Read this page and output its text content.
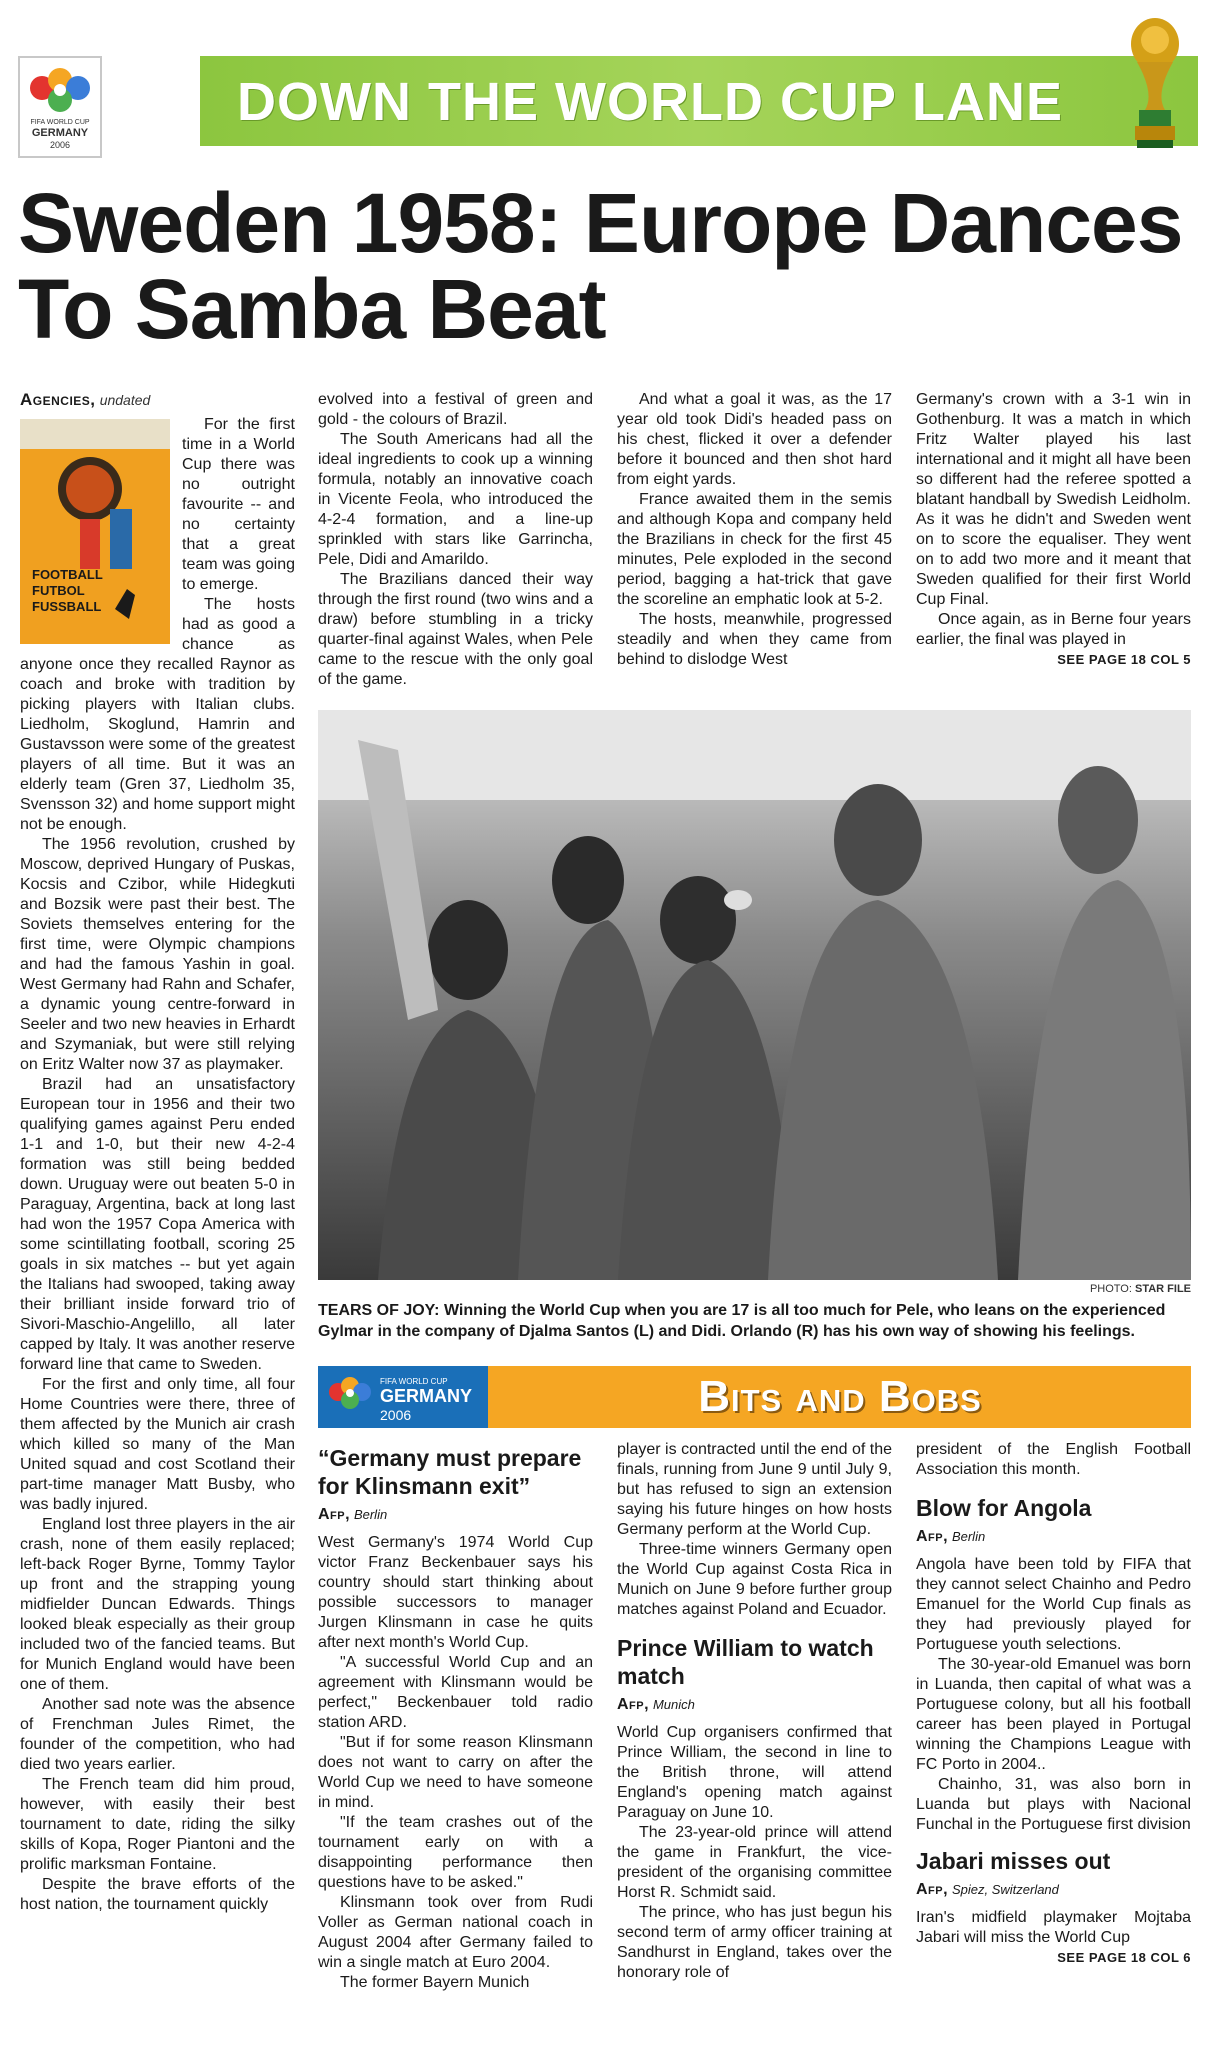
FIFA WORLD CUP
GERMANY
2006
DOWN THE WORLD CUP LANE
Sweden 1958: Europe Dances To Samba Beat
Agencies, undated
FOOTBALL
FUTBOL
FUSSBALL

For the first time in a World Cup there was no outright favourite -- and no certainty that a great team was going to emerge.

The hosts had as good a chance as anyone once they recalled Raynor as coach and broke with tradition by picking players with Italian clubs. Liedholm, Skoglund, Hamrin and Gustavsson were some of the greatest players of all time. But it was an elderly team (Gren 37, Liedholm 35, Svensson 32) and home support might not be enough.

The 1956 revolution, crushed by Moscow, deprived Hungary of Puskas, Kocsis and Czibor, while Hidegkuti and Bozsik were past their best. The Soviets themselves entering for the first time, were Olympic champions and had the famous Yashin in goal. West Germany had Rahn and Schafer, a dynamic young centre-forward in Seeler and two new heavies in Erhardt and Szymaniak, but were still relying on Eritz Walter now 37 as playmaker.

Brazil had an unsatisfactory European tour in 1956 and their two qualifying games against Peru ended 1-1 and 1-0, but their new 4-2-4 formation was still being bedded down. Uruguay were out beaten 5-0 in Paraguay, Argentina, back at long last had won the 1957 Copa America with some scintillating football, scoring 25 goals in six matches -- but yet again the Italians had swooped, taking away their brilliant inside forward trio of Sivori-Maschio-Angelillo, all later capped by Italy. It was another reserve forward line that came to Sweden.

For the first and only time, all four Home Countries were there, three of them affected by the Munich air crash which killed so many of the Man United squad and cost Scotland their part-time manager Matt Busby, who was badly injured.

England lost three players in the air crash, none of them easily replaced; left-back Roger Byrne, Tommy Taylor up front and the strapping young midfielder Duncan Edwards. Things looked bleak especially as their group included two of the fancied teams. But for Munich England would have been one of them.

Another sad note was the absence of Frenchman Jules Rimet, the founder of the competition, who had died two years earlier.

The French team did him proud, however, with easily their best tournament to date, riding the silky skills of Kopa, Roger Piantoni and the prolific marksman Fontaine.

Despite the brave efforts of the host nation, the tournament quickly

evolved into a festival of green and gold - the colours of Brazil.

The South Americans had all the ideal ingredients to cook up a winning formula, notably an innovative coach in Vicente Feola, who introduced the 4-2-4 formation, and a line-up sprinkled with stars like Garrincha, Pele, Didi and Amarildo.

The Brazilians danced their way through the first round (two wins and a draw) before stumbling in a tricky quarter-final against Wales, when Pele came to the rescue with the only goal of the game.

And what a goal it was, as the 17 year old took Didi's headed pass on his chest, flicked it over a defender before it bounced and then shot hard from eight yards.

France awaited them in the semis and although Kopa and company held the Brazilians in check for the first 45 minutes, Pele exploded in the second period, bagging a hat-trick that gave the scoreline an emphatic look at 5-2.

The hosts, meanwhile, progressed steadily and when they came from behind to dislodge West

Germany's crown with a 3-1 win in Gothenburg. It was a match in which Fritz Walter played his last international and it might all have been so different had the referee spotted a blatant handball by Swedish Leidholm. As it was he didn't and Sweden went on to score the equaliser. They went on to add two more and it meant that Sweden qualified for their first World Cup Final.

Once again, as in Berne four years earlier, the final was played in

SEE PAGE 18 COL 5
PHOTO: STAR FILE
TEARS OF JOY: Winning the World Cup when you are 17 is all too much for Pele, who leans on the experienced Gylmar in the company of Djalma Santos (L) and Didi. Orlando (R) has his own way of showing his feelings.
FIFA WORLD CUP
GERMANY
2006	Bits and Bobs
“Germany must prepare for Klinsmann exit”
Afp, Berlin

West Germany's 1974 World Cup victor Franz Beckenbauer says his country should start thinking about possible successors to manager Jurgen Klinsmann in case he quits after next month's World Cup.

"A successful World Cup and an agreement with Klinsmann would be perfect," Beckenbauer told radio station ARD.

"But if for some reason Klinsmann does not want to carry on after the World Cup we need to have someone in mind.

"If the team crashes out of the tournament early on with a disappointing performance then questions have to be asked."

Klinsmann took over from Rudi Voller as German national coach in August 2004 after Germany failed to win a single match at Euro 2004.

The former Bayern Munich

player is contracted until the end of the finals, running from June 9 until July 9, but has refused to sign an extension saying his future hinges on how hosts Germany perform at the World Cup.

Three-time winners Germany open the World Cup against Costa Rica in Munich on June 9 before further group matches against Poland and Ecuador.

Prince William to watch match
Afp, Munich

World Cup organisers confirmed that Prince William, the second in line to the British throne, will attend England's opening match against Paraguay on June 10.

The 23-year-old prince will attend the game in Frankfurt, the vice-president of the organising committee Horst R. Schmidt said.

The prince, who has just begun his second term of army officer training at Sandhurst in England, takes over the honorary role of

president of the English Football Association this month.

Blow for Angola
Afp, Berlin

Angola have been told by FIFA that they cannot select Chainho and Pedro Emanuel for the World Cup finals as they had previously played for Portuguese youth selections.

The 30-year-old Emanuel was born in Luanda, then capital of what was a Portuguese colony, but all his football career has been played in Portugal winning the Champions League with FC Porto in 2004..

Chainho, 31, was also born in Luanda but plays with Nacional Funchal in the Portuguese first division

Jabari misses out
Afp, Spiez, Switzerland

Iran's midfield playmaker Mojtaba Jabari will miss the World Cup

SEE PAGE 18 COL 6
